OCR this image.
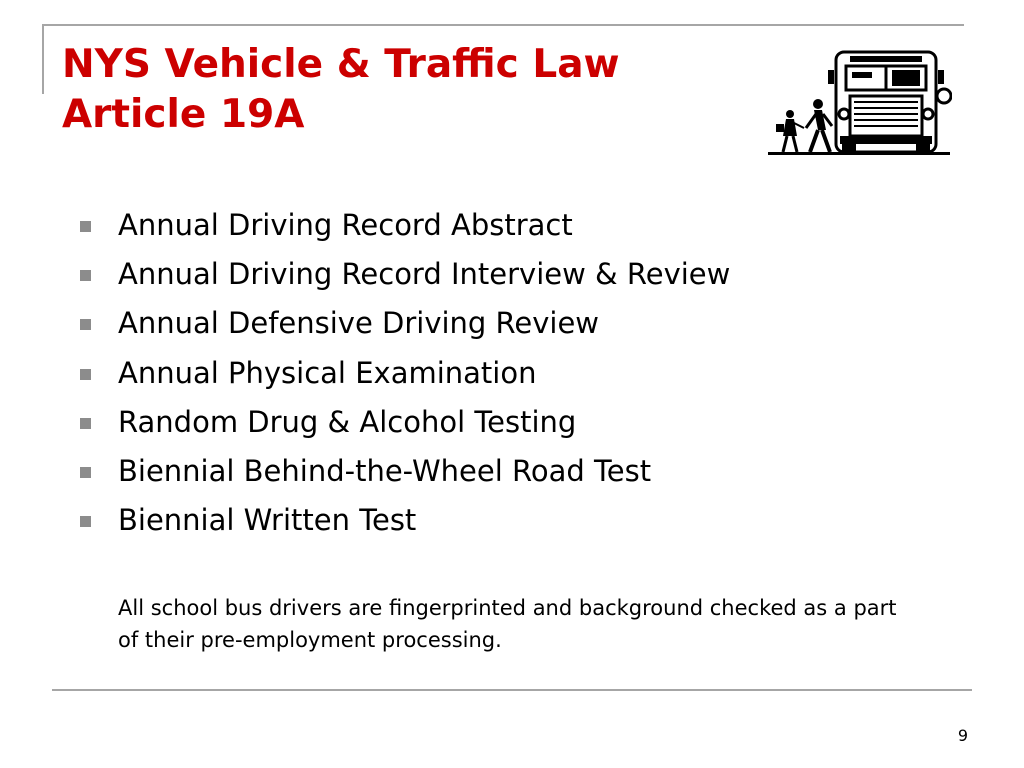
NYS Vehicle & Traffic Law
Article 19A
Annual Driving Record Abstract
Annual Driving Record Interview & Review
Annual Defensive Driving Review
Annual Physical Examination
Random Drug & Alcohol Testing
Biennial Behind-the-Wheel Road Test
Biennial Written Test

All school bus drivers are fingerprinted and background checked as a part of their pre-employment processing.

9
